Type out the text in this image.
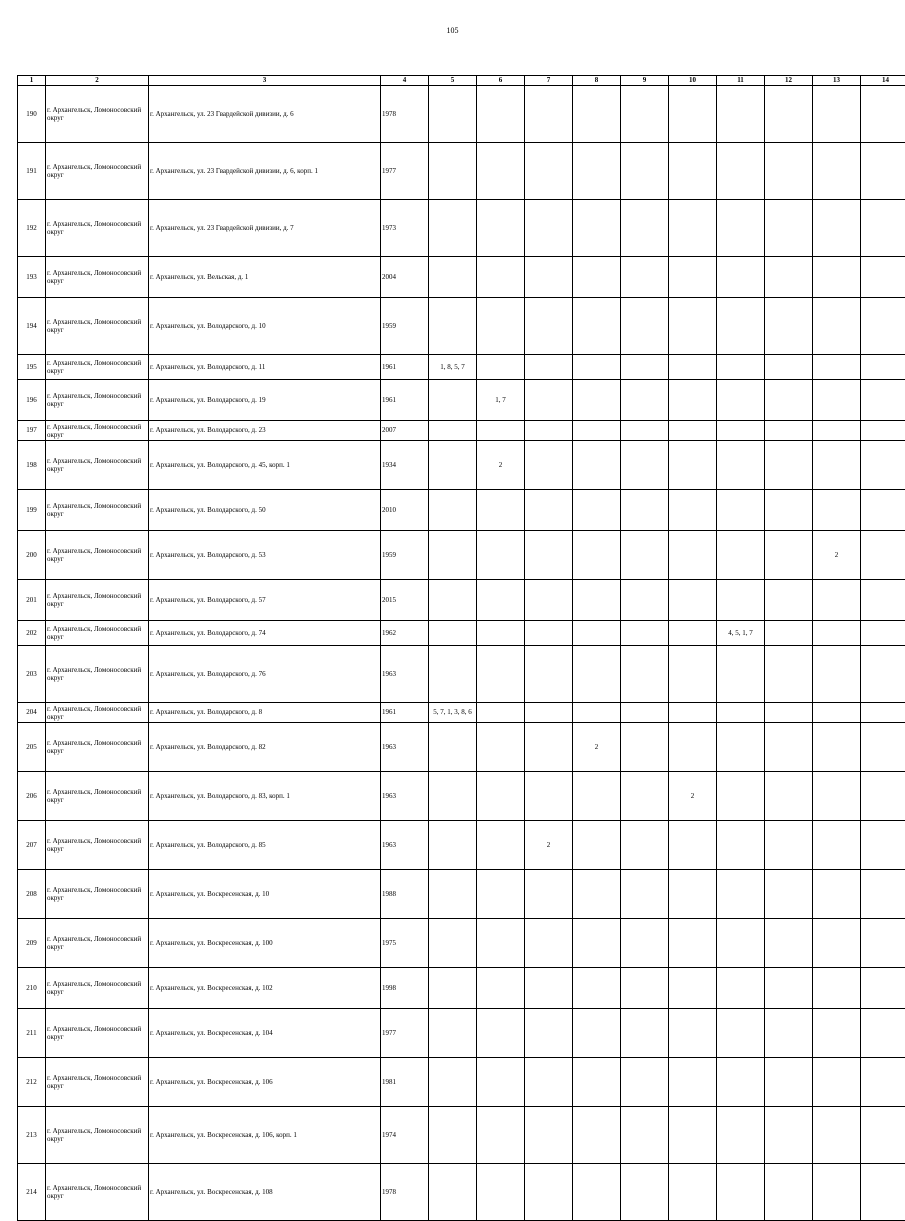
105
1	2	3	4	5	6	7	8	9	10	11	12	13	14	
190	г. Архангельск, Ломоносовский округ	г. Архангельск, ул. 23 Гвардейской дивизии, д. 6	1978											
191	г. Архангельск, Ломоносовский округ	г. Архангельск, ул. 23 Гвардейской дивизии, д. 6, корп. 1	1977											
192	г. Архангельск, Ломоносовский округ	г. Архангельск, ул. 23 Гвардейской дивизии, д. 7	1973											
193	г. Архангельск, Ломоносовский округ	г. Архангельск, ул. Вельская, д. 1	2004											
194	г. Архангельск, Ломоносовский округ	г. Архангельск, ул. Володарского, д. 10	1959											
195	г. Архангельск, Ломоносовский округ	г. Архангельск, ул. Володарского, д. 11	1961	1, 8, 5, 7										
196	г. Архангельск, Ломоносовский округ	г. Архангельск, ул. Володарского, д. 19	1961		1, 7									
197	г. Архангельск, Ломоносовский округ	г. Архангельск, ул. Володарского, д. 23	2007											
198	г. Архангельск, Ломоносовский округ	г. Архангельск, ул. Володарского, д. 45, корп. 1	1934		2									
199	г. Архангельск, Ломоносовский округ	г. Архангельск, ул. Володарского, д. 50	2010											
200	г. Архангельск, Ломоносовский округ	г. Архангельск, ул. Володарского, д. 53	1959									2		
201	г. Архангельск, Ломоносовский округ	г. Архангельск, ул. Володарского, д. 57	2015											
202	г. Архангельск, Ломоносовский округ	г. Архангельск, ул. Володарского, д. 74	1962							4, 5, 1, 7				
203	г. Архангельск, Ломоносовский округ	г. Архангельск, ул. Володарского, д. 76	1963											
204	г. Архангельск, Ломоносовский округ	г. Архангельск, ул. Володарского, д. 8	1961	5, 7, 1, 3, 8, 6										
205	г. Архангельск, Ломоносовский округ	г. Архангельск, ул. Володарского, д. 82	1963				2							
206	г. Архангельск, Ломоносовский округ	г. Архангельск, ул. Володарского, д. 83, корп. 1	1963						2					
207	г. Архангельск, Ломоносовский округ	г. Архангельск, ул. Володарского, д. 85	1963			2								
208	г. Архангельск, Ломоносовский округ	г. Архангельск, ул. Воскресенская, д. 10	1988											
209	г. Архангельск, Ломоносовский округ	г. Архангельск, ул. Воскресенская, д. 100	1975											
210	г. Архангельск, Ломоносовский округ	г. Архангельск, ул. Воскресенская, д. 102	1998											
211	г. Архангельск, Ломоносовский округ	г. Архангельск, ул. Воскресенская, д. 104	1977											
212	г. Архангельск, Ломоносовский округ	г. Архангельск, ул. Воскресенская, д. 106	1981											
213	г. Архангельск, Ломоносовский округ	г. Архангельск, ул. Воскресенская, д. 106, корп. 1	1974											
214	г. Архангельск, Ломоносовский округ	г. Архангельск, ул. Воскресенская, д. 108	1978											
